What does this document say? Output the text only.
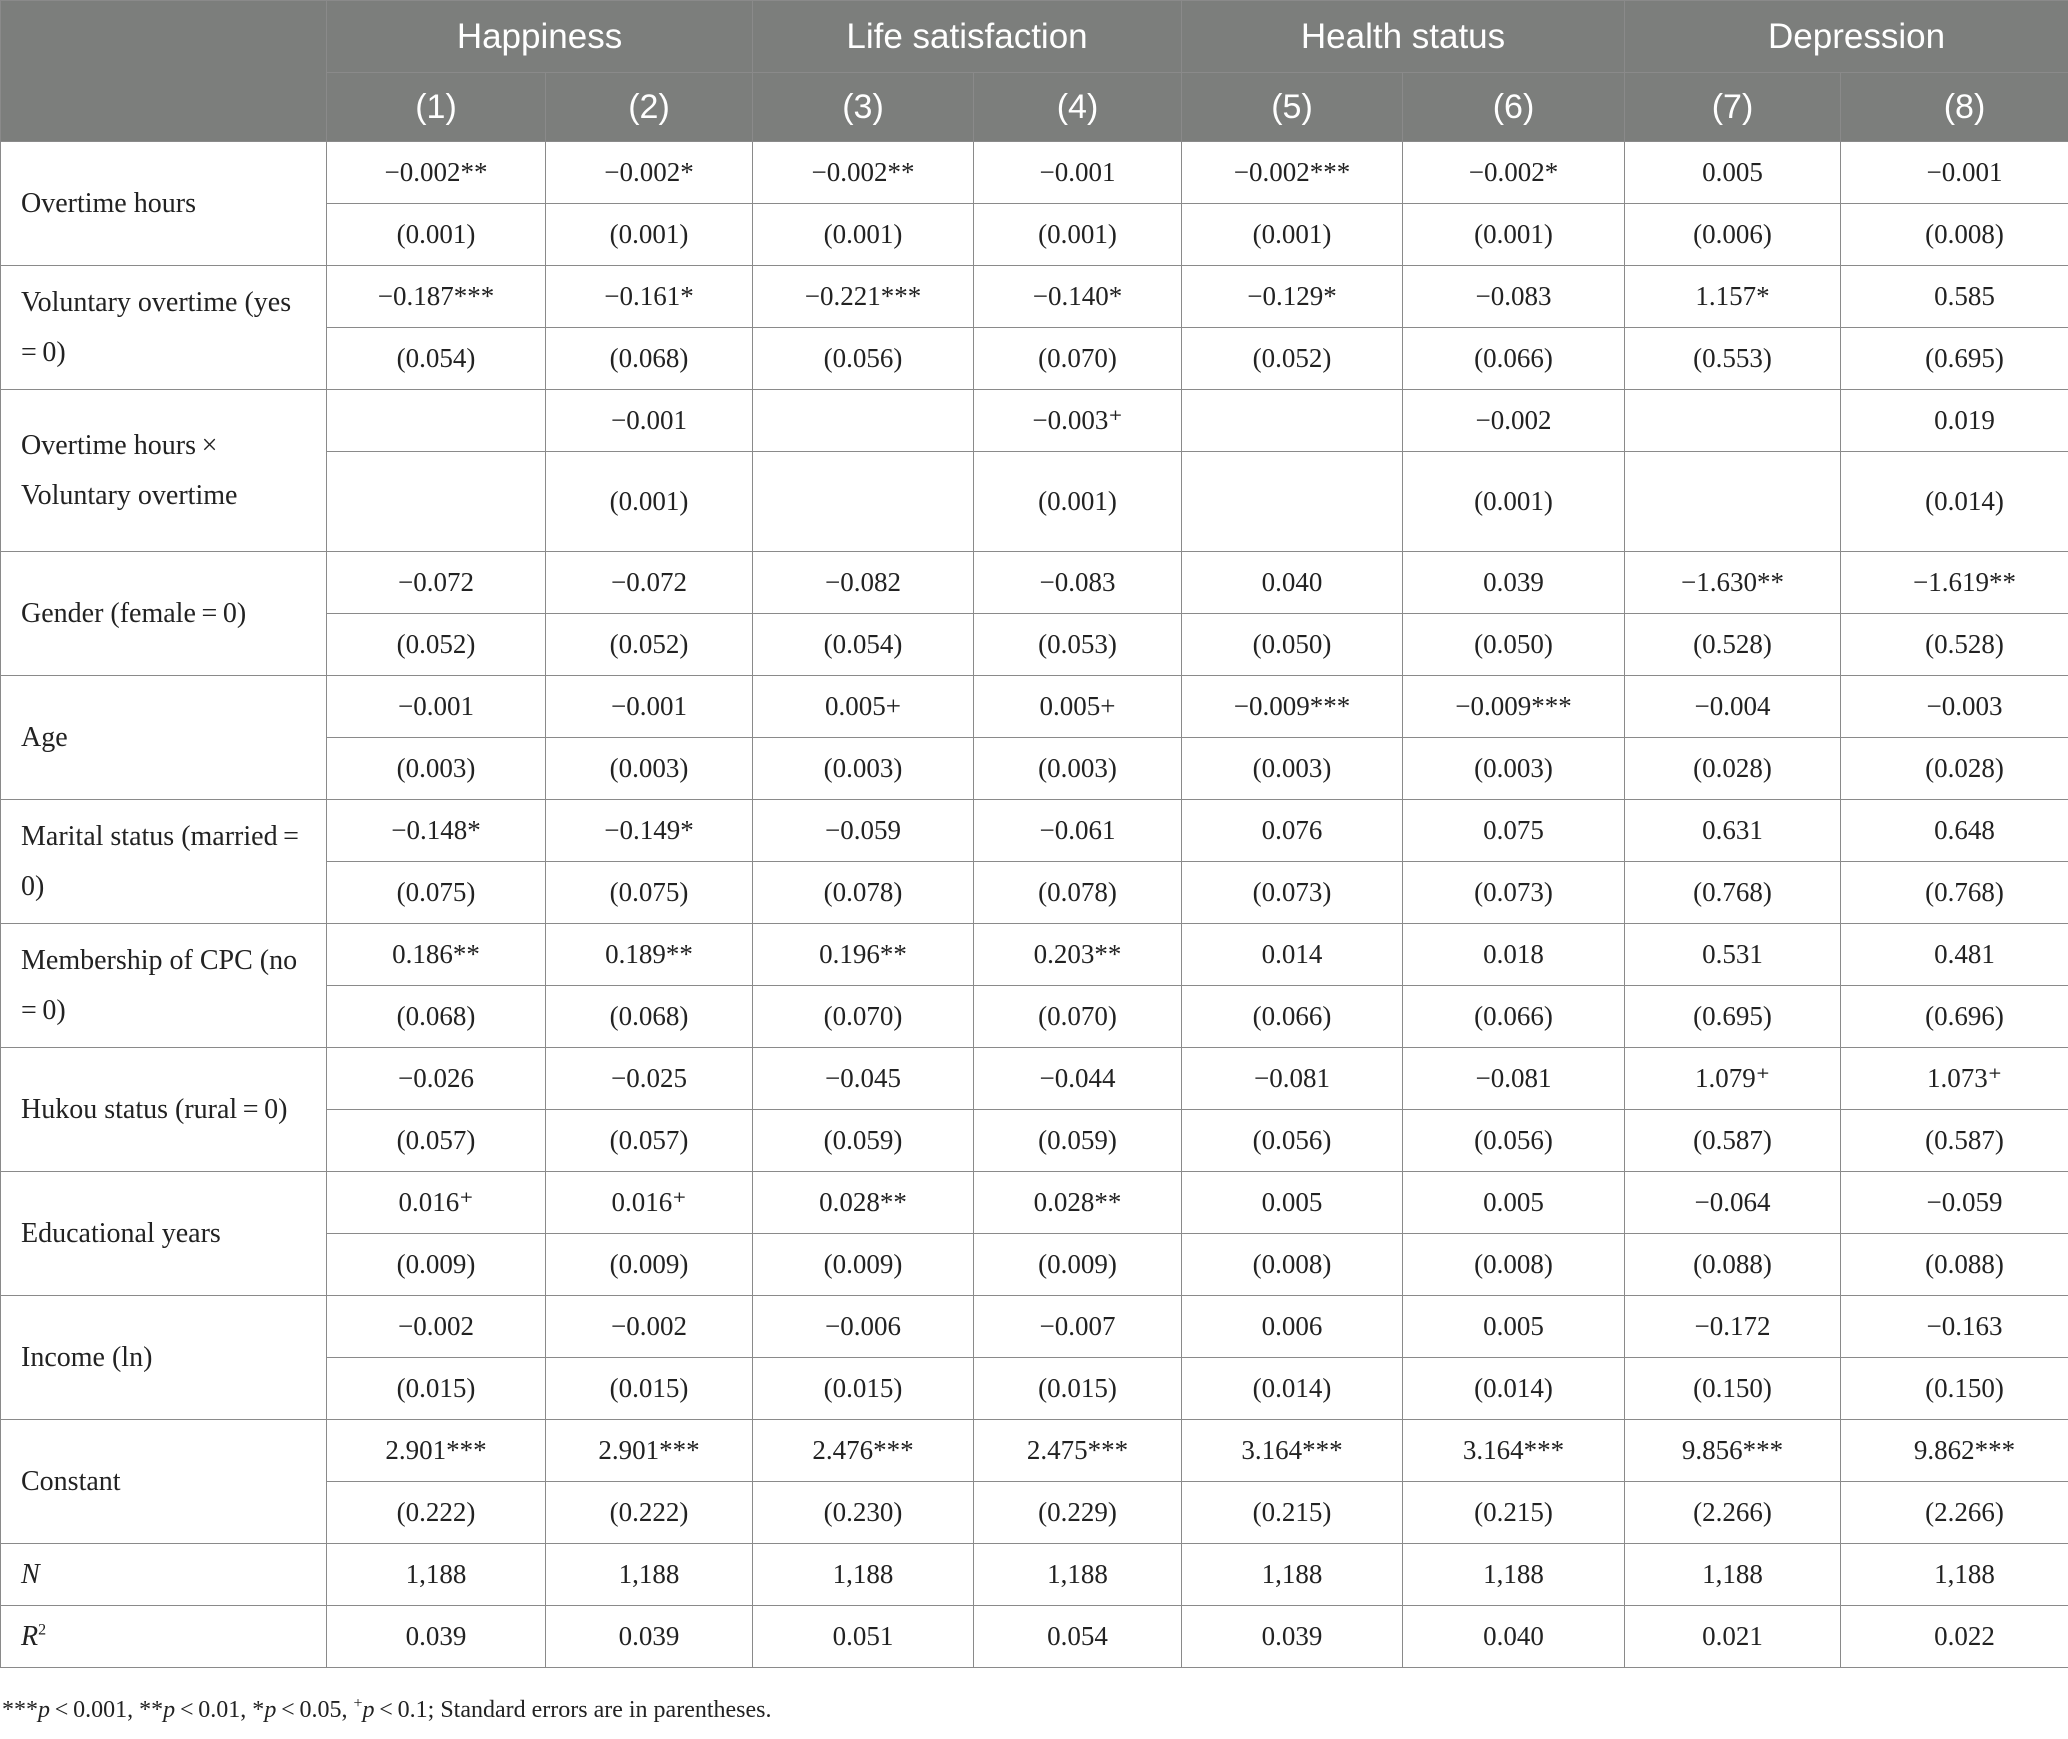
	Happiness		Life satisfaction		Health status		Depression	
	(1)	(2)	(3)	(4)	(5)	(6)	(7)	(8)
Overtime hours	−0.002**	−0.002*	−0.002**	−0.001	−0.002***	−0.002*	0.005	−0.001
	(0.001)	(0.001)	(0.001)	(0.001)	(0.001)	(0.001)	(0.006)	(0.008)
Voluntary overtime (yes = 0)	−0.187***	−0.161*	−0.221***	−0.140*	−0.129*	−0.083	1.157*	0.585
	(0.054)	(0.068)	(0.056)	(0.070)	(0.052)	(0.066)	(0.553)	(0.695)
Overtime hours × Voluntary overtime		−0.001		−0.003⁺		−0.002		0.019
		(0.001)		(0.001)		(0.001)		(0.014)
Gender (female = 0)	−0.072	−0.072	−0.082	−0.083	0.040	0.039	−1.630**	−1.619**
	(0.052)	(0.052)	(0.054)	(0.053)	(0.050)	(0.050)	(0.528)	(0.528)
Age	−0.001	−0.001	0.005+	0.005+	−0.009***	−0.009***	−0.004	−0.003
	(0.003)	(0.003)	(0.003)	(0.003)	(0.003)	(0.003)	(0.028)	(0.028)
Marital status (married = 0)	−0.148*	−0.149*	−0.059	−0.061	0.076	0.075	0.631	0.648
	(0.075)	(0.075)	(0.078)	(0.078)	(0.073)	(0.073)	(0.768)	(0.768)
Membership of CPC (no = 0)	0.186**	0.189**	0.196**	0.203**	0.014	0.018	0.531	0.481
	(0.068)	(0.068)	(0.070)	(0.070)	(0.066)	(0.066)	(0.695)	(0.696)
Hukou status (rural = 0)	−0.026	−0.025	−0.045	−0.044	−0.081	−0.081	1.079⁺	1.073⁺
	(0.057)	(0.057)	(0.059)	(0.059)	(0.056)	(0.056)	(0.587)	(0.587)
Educational years	0.016⁺	0.016⁺	0.028**	0.028**	0.005	0.005	−0.064	−0.059
	(0.009)	(0.009)	(0.009)	(0.009)	(0.008)	(0.008)	(0.088)	(0.088)
Income (ln)	−0.002	−0.002	−0.006	−0.007	0.006	0.005	−0.172	−0.163
	(0.015)	(0.015)	(0.015)	(0.015)	(0.014)	(0.014)	(0.150)	(0.150)
Constant	2.901***	2.901***	2.476***	2.475***	3.164***	3.164***	9.856***	9.862***
	(0.222)	(0.222)	(0.230)	(0.229)	(0.215)	(0.215)	(2.266)	(2.266)
N	1,188	1,188	1,188	1,188	1,188	1,188	1,188	1,188
$R^2$	0.039	0.039	0.051	0.054	0.039	0.040	0.021	0.022
***p < 0.001, **p < 0.01, *p < 0.05, +p < 0.1; Standard errors are in parentheses.
